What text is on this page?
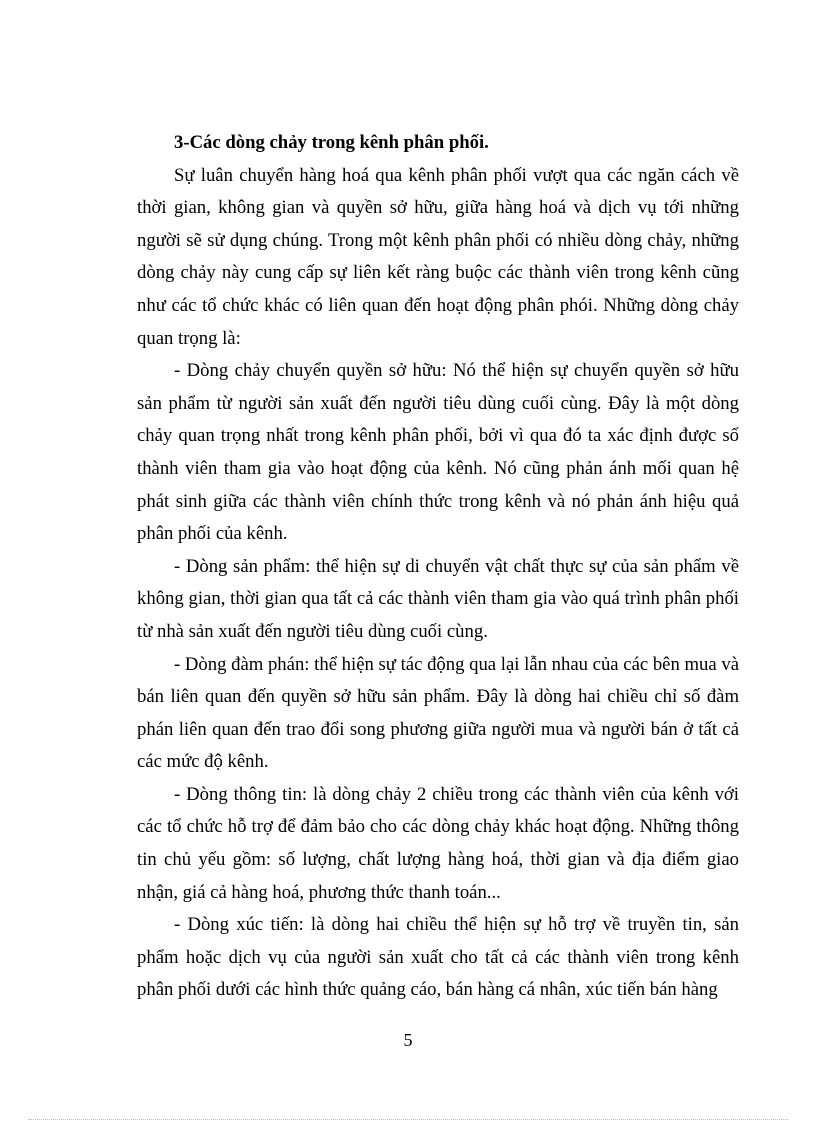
3-Các dòng chảy trong kênh phân phối.

Sự luân chuyển hàng hoá qua kênh phân phối vượt qua các ngăn cách về thời gian, không gian và quyền sở hữu, giữa hàng hoá và dịch vụ tới những người sẽ sử dụng chúng. Trong một kênh phân phối có nhiều dòng chảy, những dòng chảy này cung cấp sự liên kết ràng buộc các thành viên trong kênh cũng như các tổ chức khác có liên quan đến hoạt động phân phói. Những dòng chảy quan trọng là:

- Dòng chảy chuyển quyền sở hữu: Nó thể hiện sự chuyển quyền sở hữu sản phẩm từ người sản xuất đến người tiêu dùng cuối cùng. Đây là một dòng chảy quan trọng nhất trong kênh phân phối, bởi vì qua đó ta xác định được số thành viên tham gia vào hoạt động của kênh. Nó cũng phản ánh mối quan hệ phát sinh giữa các thành viên chính thức trong kênh và nó phản ánh hiệu quả phân phối của kênh.

- Dòng sản phẩm: thể hiện sự di chuyển vật chất thực sự của sản phẩm về không gian, thời gian qua tất cả các thành viên tham gia vào quá trình phân phối từ nhà sản xuất đến người tiêu dùng cuối cùng.

- Dòng đàm phán: thể hiện sự tác động qua lại lẫn nhau của các bên mua và bán liên quan đến quyền sở hữu sản phẩm. Đây là dòng hai chiều chỉ số đàm phán liên quan đến trao đổi song phương giữa người mua và người bán ở tất cả các mức độ kênh.

- Dòng thông tin: là dòng chảy 2 chiều trong các thành viên của kênh với các tổ chức hỗ trợ để đảm bảo cho các dòng chảy khác hoạt động. Những thông tin chủ yếu gồm: số lượng, chất lượng hàng hoá, thời gian và địa điểm giao nhận, giá cả hàng hoá, phương thức thanh toán...

- Dòng xúc tiến: là dòng hai chiều thể hiện sự hỗ trợ về truyền tin, sản phẩm hoặc dịch vụ của người sản xuất cho tất cả các thành viên trong kênh phân phối dưới các hình thức quảng cáo, bán hàng cá nhân, xúc tiến bán hàng

5
